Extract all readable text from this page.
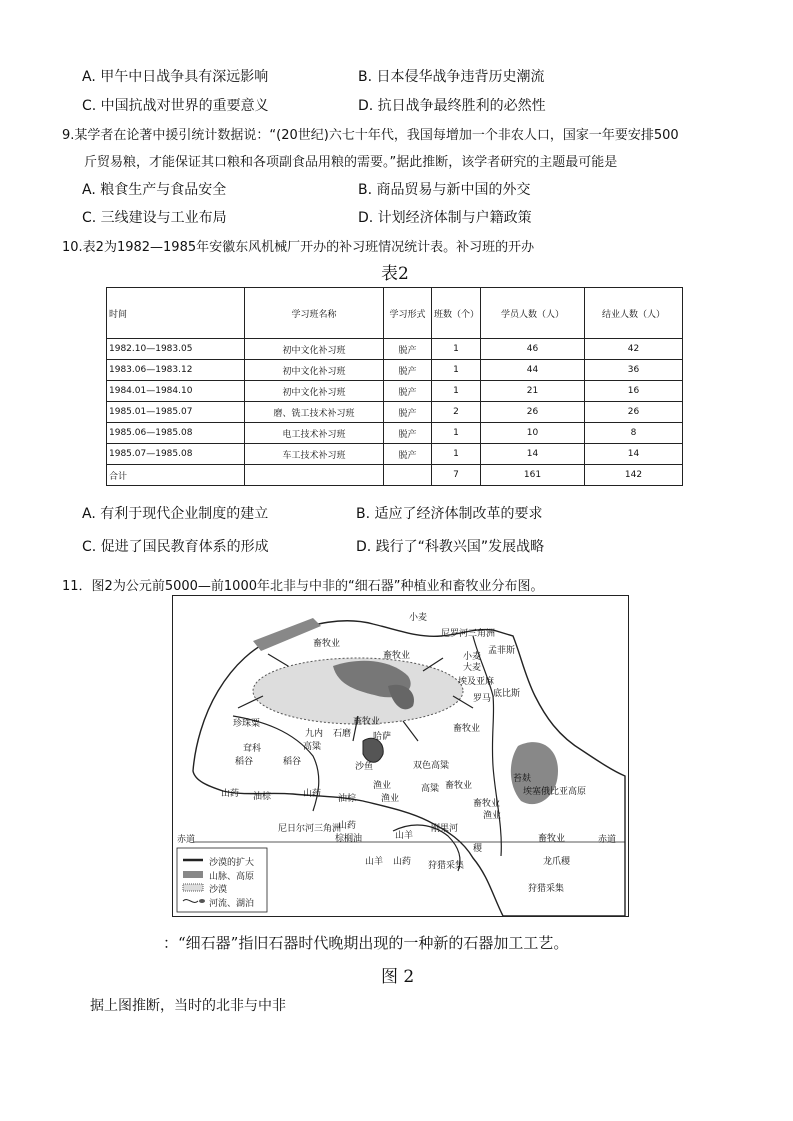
A. 甲午中日战争具有深远影响	B. 日本侵华战争违背历史潮流
C. 中国抗战对世界的重要意义	D. 抗日战争最终胜利的必然性
9.某学者在论著中援引统计数据说：“(20世纪)六七十年代，我国每增加一个非农人口，国家一年要安排500
斤贸易粮，才能保证其口粮和各项副食品用粮的需要。”据此推断，该学者研究的主题最可能是
A. 粮食生产与食品安全	B. 商品贸易与新中国的外交
C. 三线建设与工业布局	D. 计划经济体制与户籍政策
10.表2为1982—1985年安徽东风机械厂开办的补习班情况统计表。补习班的开办
表2
时间	学习班名称	学习形式	班数（个）	学员人数（人）	结业人数（人）
1982.10—1983.05	初中文化补习班	脱产	1	46	42
1983.06—1983.12	初中文化补习班	脱产	1	44	36
1984.01—1984.10	初中文化补习班	脱产	1	21	16
1985.01—1985.07	磨、铣工技术补习班	脱产	2	26	26
1985.06—1985.08	电工技术补习班	脱产	1	10	8
1985.07—1985.08	车工技术补习班	脱产	1	14	14
合计			7	161	142
A. 有利于现代企业制度的建立	B. 适应了经济体制改革的要求
C. 促进了国民教育体系的形成	D. 践行了“科教兴国”发展战略
11．图2为公元前5000—前1000年北非与中非的“细石器”种植业和畜牧业分布图。
小麦
尼罗河三角洲
畜牧业
畜牧业	小麦
大麦
孟菲斯
埃及亚麻
底比斯
罗马
珍珠粟	畜牧业
畜牧业
九内 石磨
高粱
耷科
稻谷	稻谷	沙鱼
哈萨
双色高粱
畜牧业
渔业
苔麸
埃塞俄比亚高原
山药 油棕	山药 油棕	渔业
高粱
畜牧业
渔业
赤道	赤道
尼日尔河三角洲
山药
棕榈油	山羊
刚果河
畜牧业
山羊 山药 狩猎采集	龙爪稷
狩猎采集
稷
沙漠的扩大
山脉、高原
沙漠
河流、湖泊
：“细石器”指旧石器时代晚期出现的一种新的石器加工工艺。
图 2
据上图推断，当时的北非与中非
